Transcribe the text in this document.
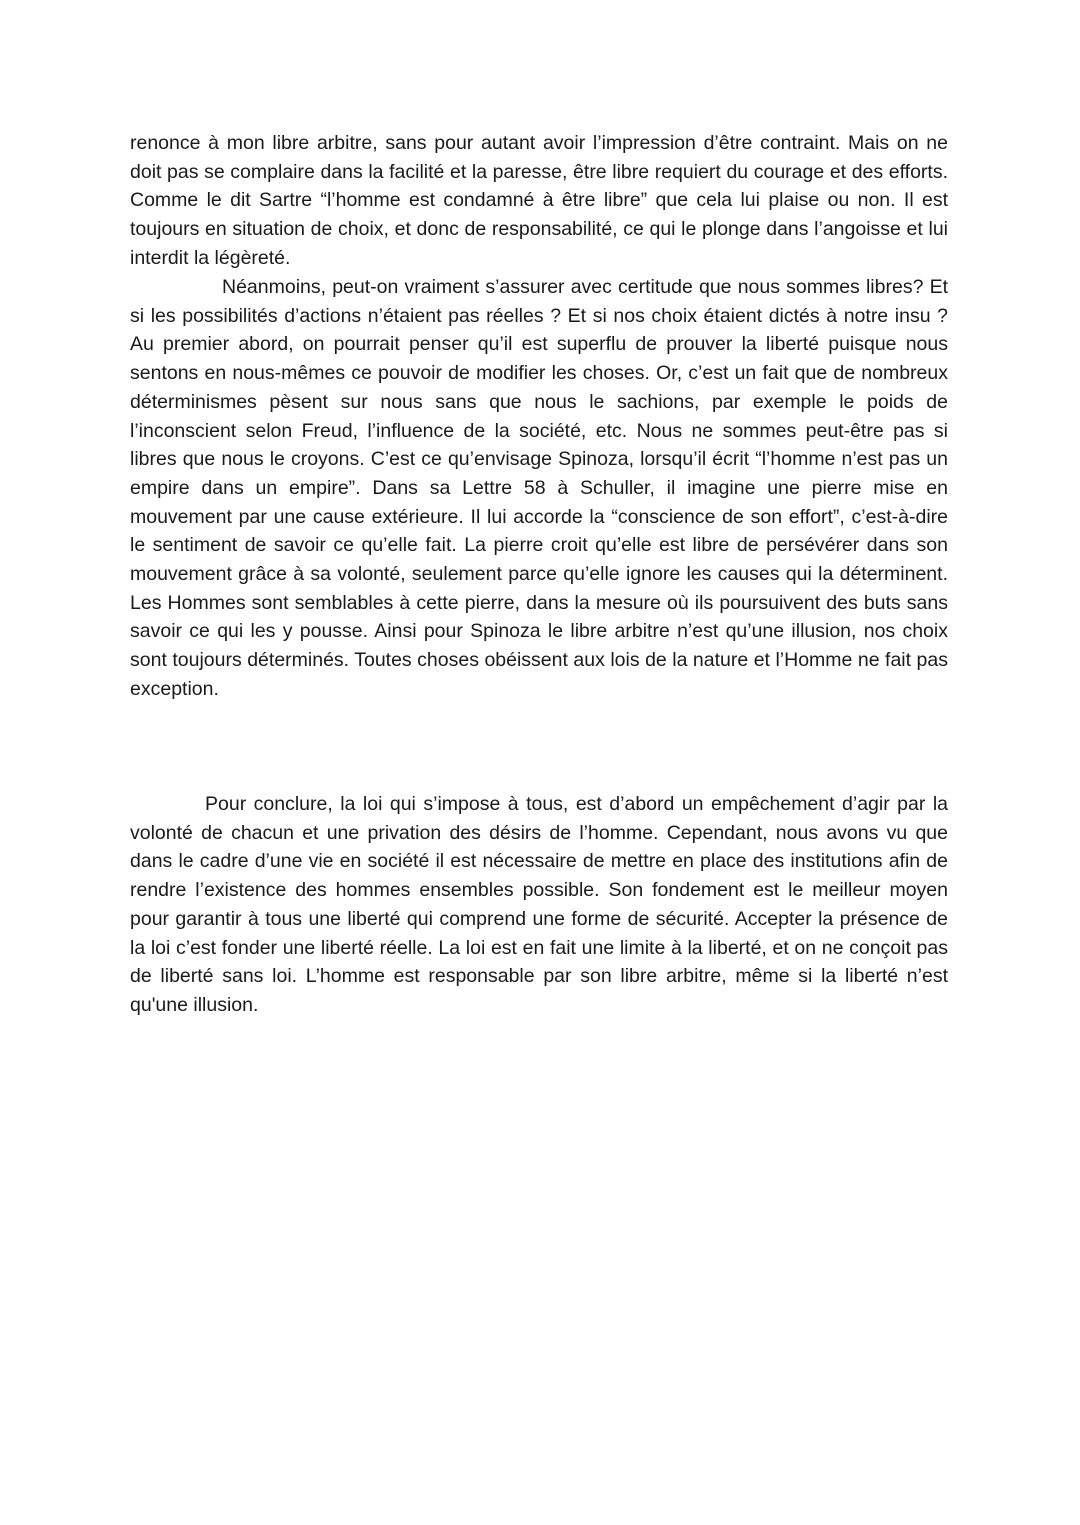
renonce à mon libre arbitre, sans pour autant avoir l’impression d’être contraint. Mais on ne doit pas se complaire dans la facilité et la paresse, être libre requiert du courage et des efforts. Comme le dit Sartre “l’homme est condamné à être libre” que cela lui plaise ou non. Il est toujours en situation de choix, et donc de responsabilité, ce qui le plonge dans l’angoisse et lui interdit la légèreté.

Néanmoins, peut-on vraiment s’assurer avec certitude que nous sommes libres? Et si les possibilités d’actions n’étaient pas réelles ? Et si nos choix étaient dictés à notre insu ? Au premier abord, on pourrait penser qu’il est superflu de prouver la liberté puisque nous sentons en nous-mêmes ce pouvoir de modifier les choses. Or, c’est un fait que de nombreux déterminismes pèsent sur nous sans que nous le sachions, par exemple le poids de l’inconscient selon Freud, l’influence de la société, etc. Nous ne sommes peut-être pas si libres que nous le croyons. C’est ce qu’envisage Spinoza, lorsqu’il écrit “l’homme n’est pas un empire dans un empire”. Dans sa Lettre 58 à Schuller, il imagine une pierre mise en mouvement par une cause extérieure. Il lui accorde la “conscience de son effort”, c’est-à-dire le sentiment de savoir ce qu’elle fait. La pierre croit qu’elle est libre de persévérer dans son mouvement grâce à sa volonté, seulement parce qu’elle ignore les causes qui la déterminent. Les Hommes sont semblables à cette pierre, dans la mesure où ils poursuivent des buts sans savoir ce qui les y pousse. Ainsi pour Spinoza le libre arbitre n’est qu’une illusion, nos choix sont toujours déterminés. Toutes choses obéissent aux lois de la nature et l’Homme ne fait pas exception.

Pour conclure, la loi qui s’impose à tous, est d’abord un empêchement d’agir par la volonté de chacun et une privation des désirs de l’homme. Cependant, nous avons vu que dans le cadre d’une vie en société il est nécessaire de mettre en place des institutions afin de rendre l’existence des hommes ensembles possible. Son fondement est le meilleur moyen pour garantir à tous une liberté qui comprend une forme de sécurité. Accepter la présence de la loi c’est fonder une liberté réelle. La loi est en fait une limite à la liberté, et on ne conçoit pas de liberté sans loi. L’homme est responsable par son libre arbitre, même si la liberté n’est qu'une illusion.
